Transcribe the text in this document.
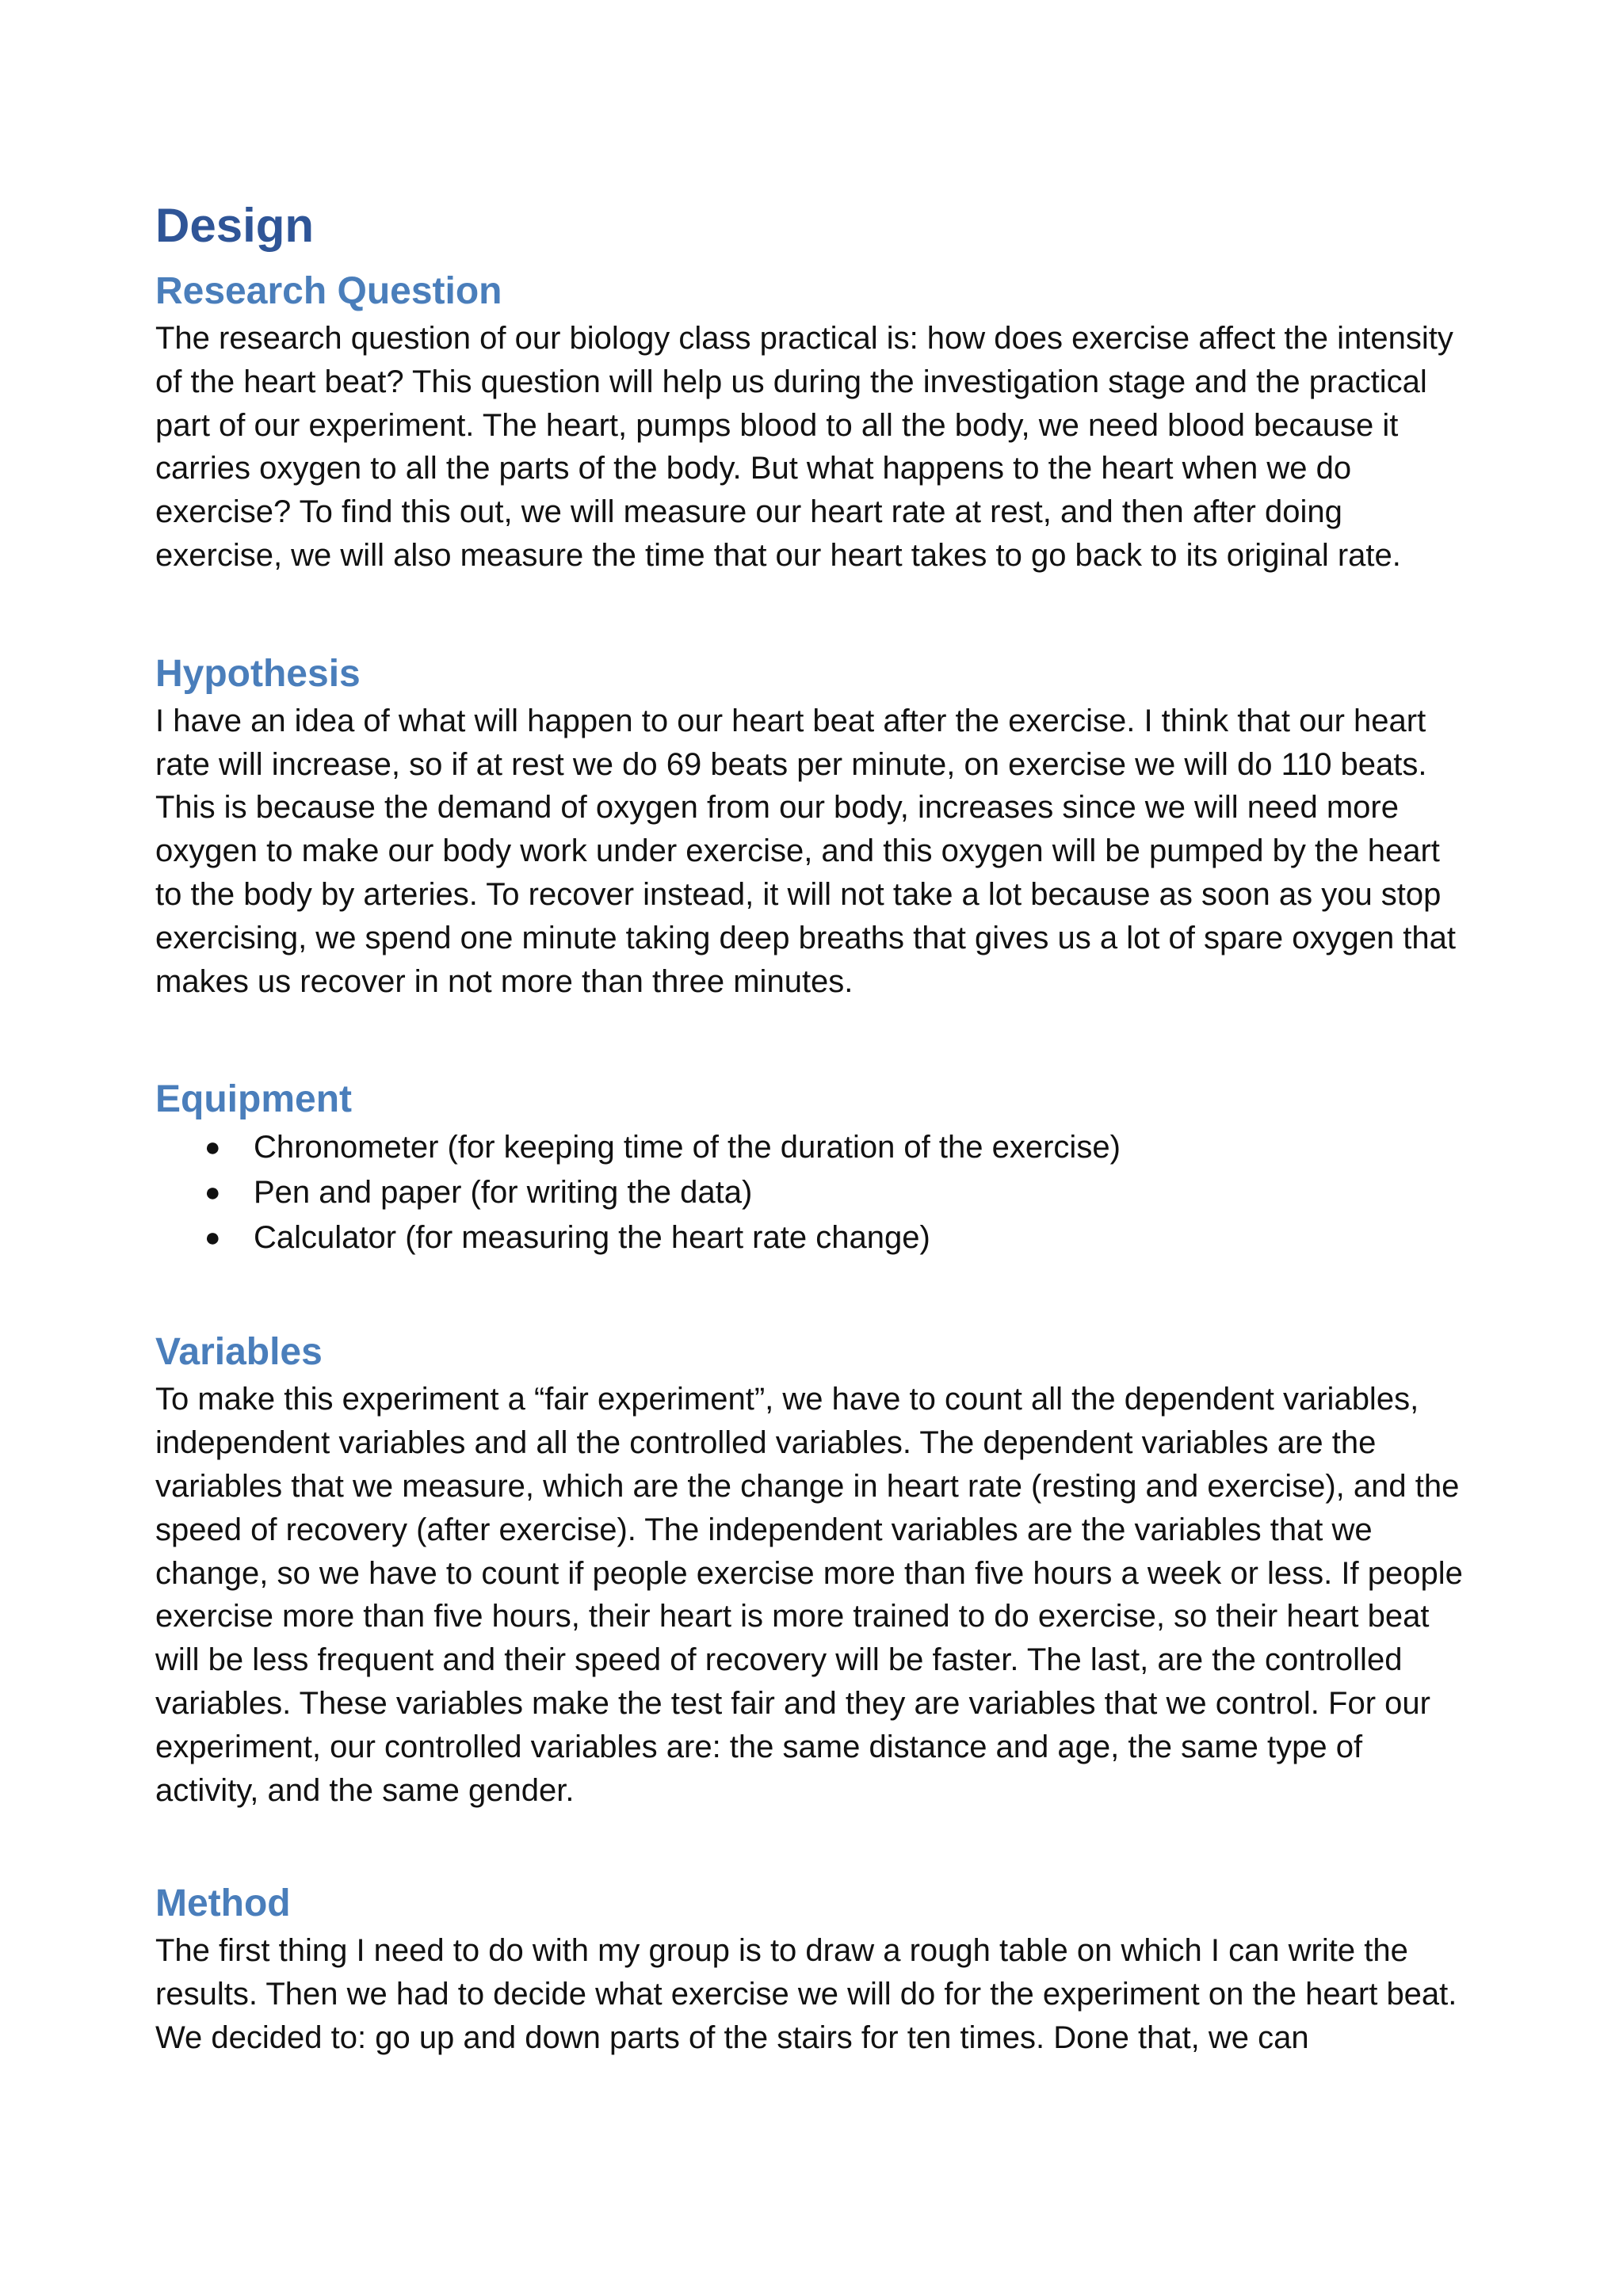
Design
Research Question

The research question of our biology class practical is: how does exercise affect the intensity of the heart beat? This question will help us during the investigation stage and the practical part of our experiment. The heart, pumps blood to all the body, we need blood because it carries oxygen to all the parts of the body. But what happens to the heart when we do exercise? To find this out, we will measure our heart rate at rest, and then after doing exercise, we will also measure the time that our heart takes to go back to its original rate.

Hypothesis

I have an idea of what will happen to our heart beat after the exercise. I think that our heart rate will increase, so if at rest we do 69 beats per minute, on exercise we will do 110 beats. This is because the demand of oxygen from our body, increases since we will need more oxygen to make our body work under exercise, and this oxygen will be pumped by the heart to the body by arteries. To recover instead, it will not take a lot because as soon as you stop exercising, we spend one minute taking deep breaths that gives us a lot of spare oxygen that makes us recover in not more than three minutes.

Equipment
● Chronometer (for keeping time of the duration of the exercise)
● Pen and paper (for writing the data)
● Calculator (for measuring the heart rate change)
Variables

To make this experiment a “fair experiment”, we have to count all the dependent variables, independent variables and all the controlled variables. The dependent variables are the variables that we measure, which are the change in heart rate (resting and exercise), and the speed of recovery (after exercise). The independent variables are the variables that we change, so we have to count if people exercise more than five hours a week or less. If people exercise more than five hours, their heart is more trained to do exercise, so their heart beat will be less frequent and their speed of recovery will be faster. The last, are the controlled variables. These variables make the test fair and they are variables that we control. For our experiment, our controlled variables are: the same distance and age, the same type of activity, and the same gender.

Method

The first thing I need to do with my group is to draw a rough table on which I can write the results. Then we had to decide what exercise we will do for the experiment on the heart beat. We decided to: go up and down parts of the stairs for ten times. Done that, we can
